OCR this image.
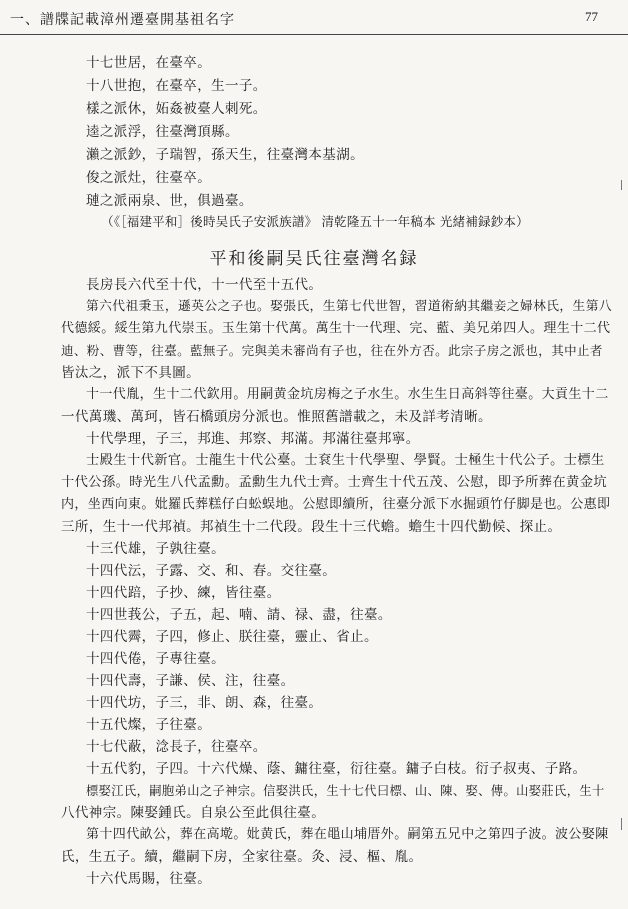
一、譜牒記載漳州遷臺開基祖名字	77
十七世居，在臺卒。
十八世抱，在臺卒，生一子。
樣之派休，妬姦被臺人刺死。
逵之派浮，往臺灣頂縣。
瀨之派鈔，子瑞智，孫天生，往臺灣本基湖。
俊之派灶，往臺卒。
璉之派兩泉、世，俱過臺。
（《［福建平和］後時吴氏子安派族譜》 清乾隆五十一年稿本 光緒補録鈔本）
平和後嗣吴氏往臺灣名録
長房長六代至十代，十一代至十五代。
第六代祖秉玉，遜英公之子也。娶張氏，生第七代世智，習道術納其繼妾之婦林氏，生第八
代德綏。綏生第九代崇玉。玉生第十代萬。萬生十一代理、完、藍、美兄弟四人。理生十二代
迪、粉、曹等，往臺。藍無子。完與美未審尚有子也，往在外方否。此宗子房之派也，其中止者
皆汰之，派下不具圖。
十一代胤，生十二代欽用。用嗣黄金坑房梅之子水生。水生生日高斜等往臺。大貢生十二
一代萬璣、萬珂，皆石橋頭房分派也。惟照舊譜載之，未及詳考清晰。
十代學理，子三，邦進、邦察、邦滿。邦滿往臺邦寧。
士殿生十代新官。士龍生十代公臺。士袞生十代學聖、學賢。士極生十代公子。士標生
十代公孫。時光生八代孟勳。孟勳生九代士齊。士齊生十代五茂、公慰，即予所葬在黄金坑
内，坐西向東。妣羅氏葬糕仔白蚣蜈地。公慰即續所，往臺分派下水掘頭竹仔脚是也。公惠即
三所，生十一代邦禎。邦禎生十二代段。段生十三代蟾。蟾生十四代勤候、探止。
十三代雄，子孰往臺。
十四代沄，子露、交、和、春。交往臺。
十四代踣，子抄、練，皆往臺。
十四世莪公，子五，起、喃、請、禄、盡，往臺。
十四代霽，子四，修止、朕往臺，靈止、省止。
十四代倦，子專往臺。
十四代壽，子謙、侯、注，往臺。
十四代坊，子三，非、朗、森，往臺。
十五代燦，子往臺。
十七代蔽，淰長子，往臺卒。
十五代豹，子四。十六代燥、蔭、鏞往臺，衍往臺。鏞子白枝。衍子叔夷、子路。
標娶江氏，嗣胞弟山之子神宗。信娶洪氏，生十七代曰標、山、陳、娶、傳。山娶莊氏，生十
八代神宗。陳娶鍾氏。自泉公至此俱往臺。
第十四代畝公，葬在高墘。妣黄氏，葬在黽山埔厝外。嗣第五兄中之第四子波。波公娶陳
氏，生五子。續，繼嗣下房，全家往臺。灸、浸、樞、胤。
十六代馬賜，往臺。
